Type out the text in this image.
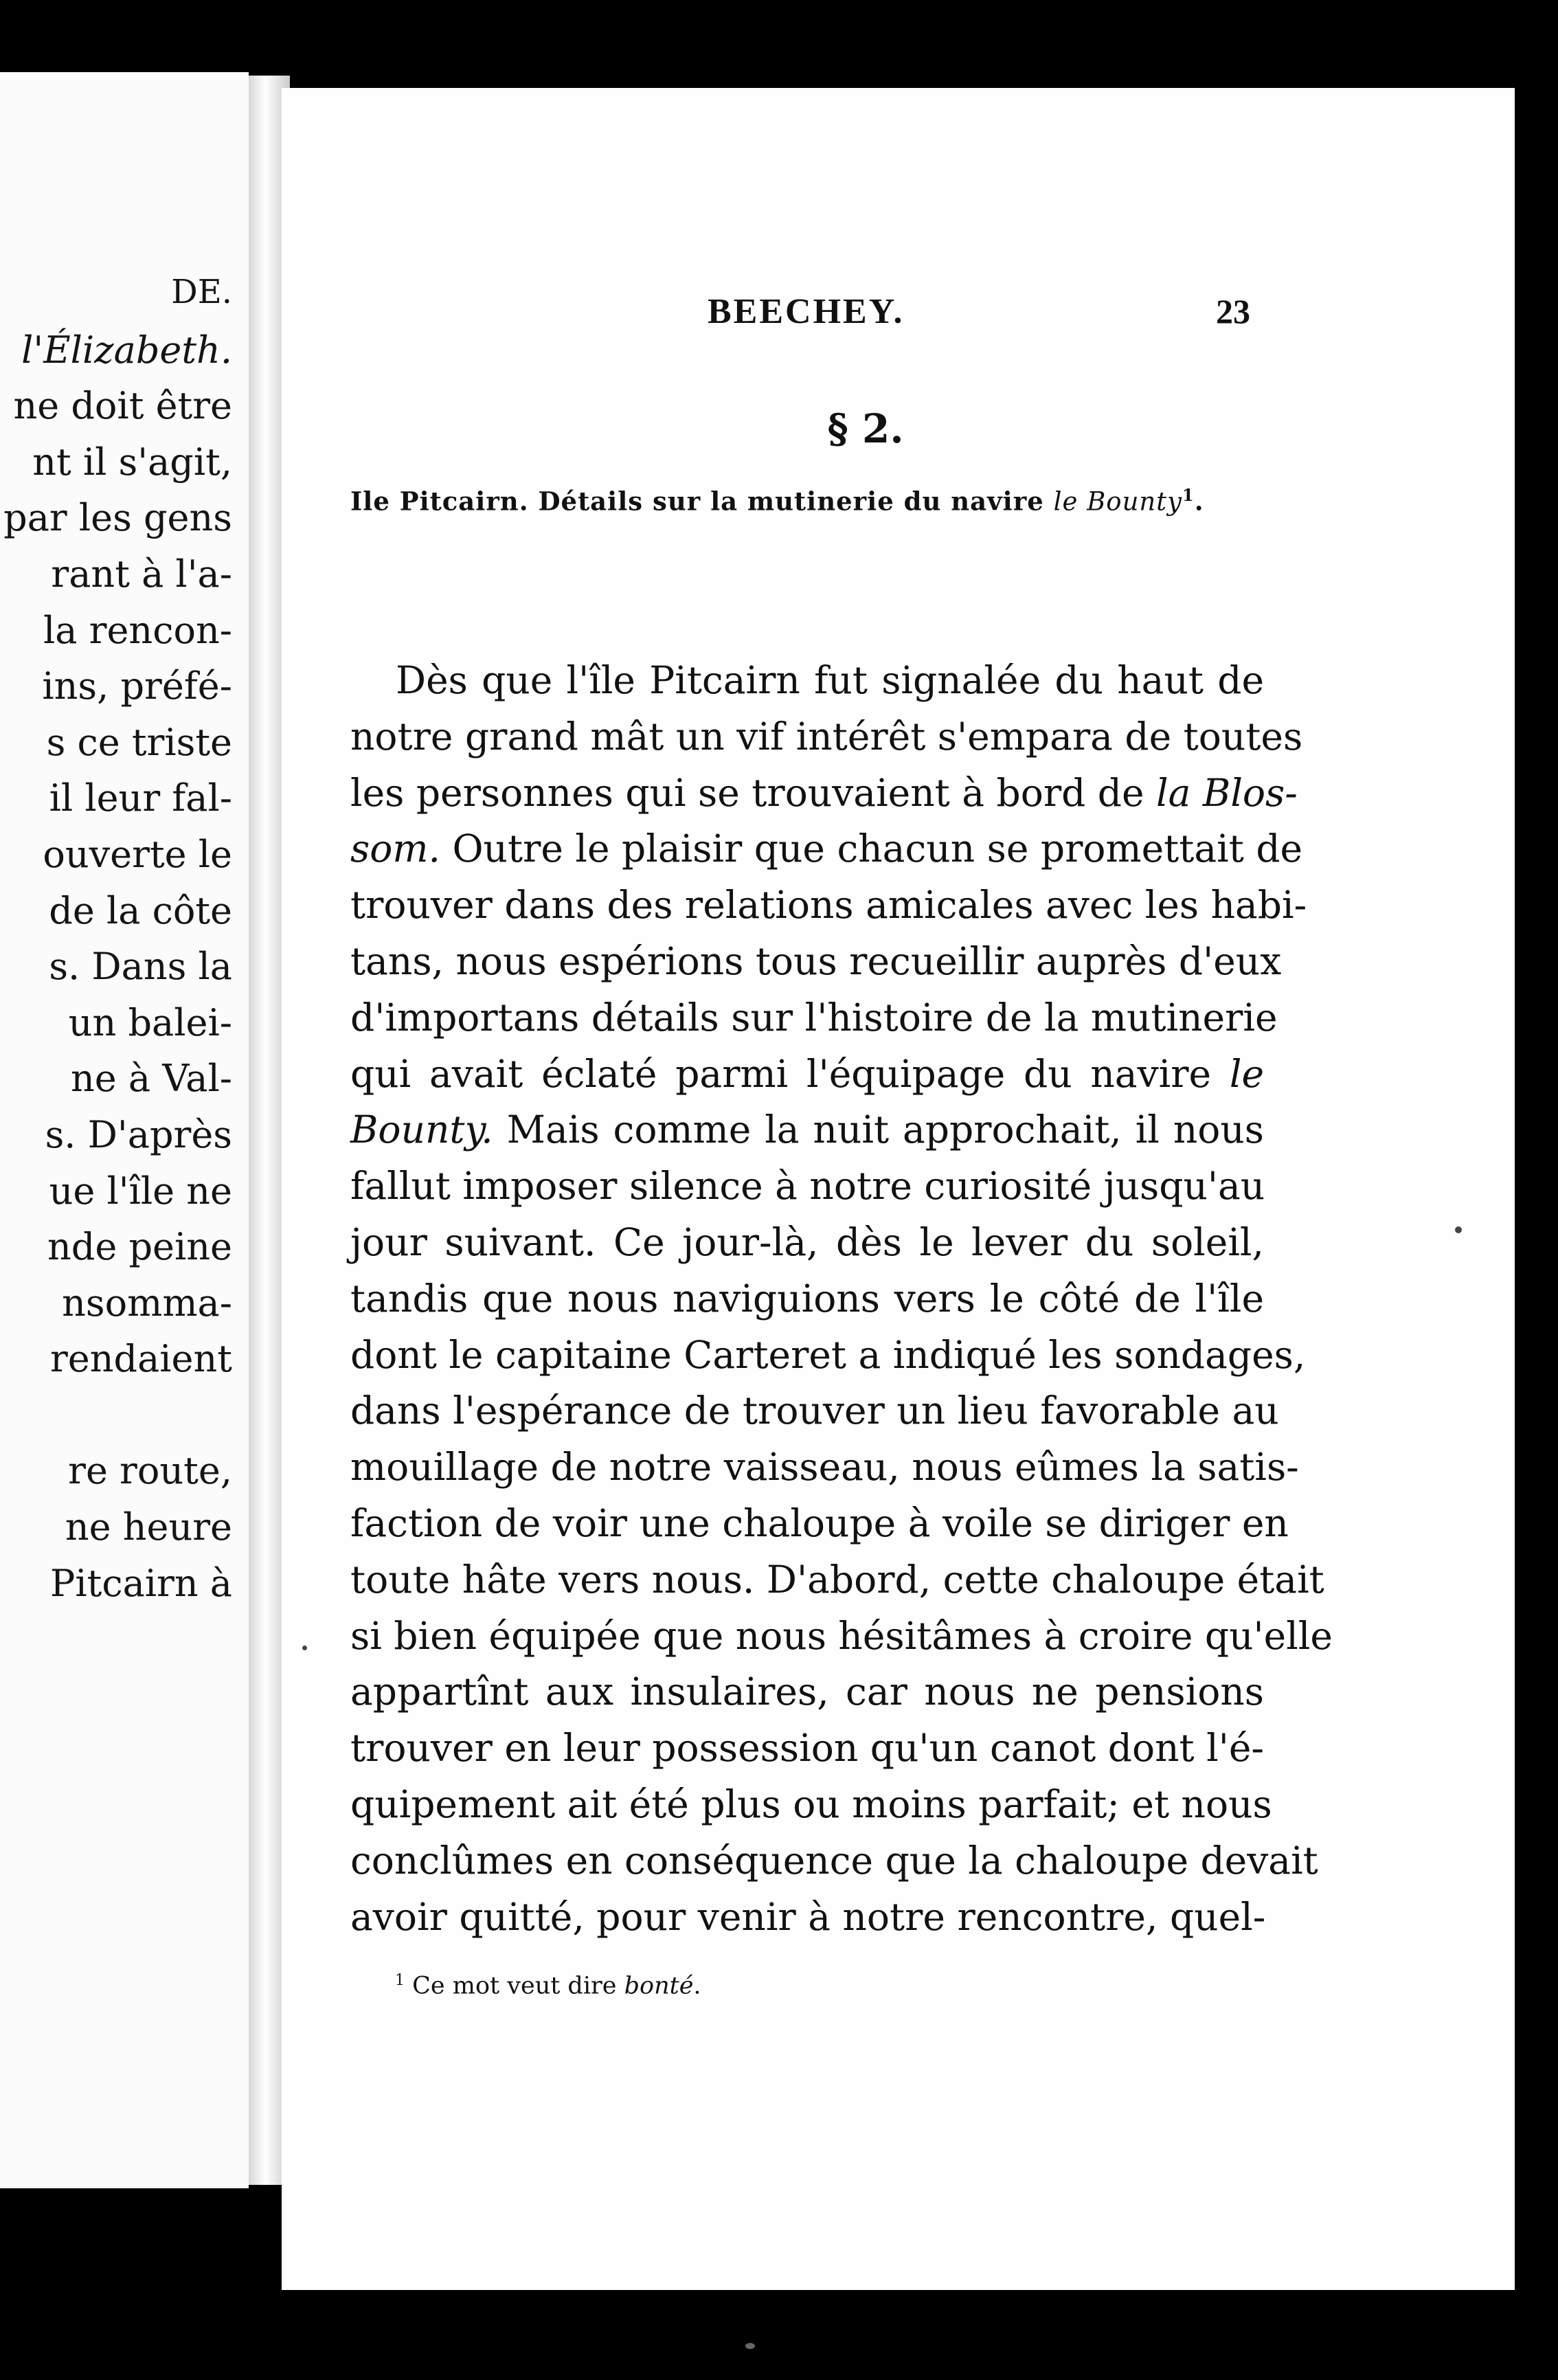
DE.
l'Élizabeth.
ne doit être
nt il s'agit,
par les gens
rant à l'a-
la rencon-
ins, préfé-
s ce triste
il leur fal-
ouverte le
de la côte
s. Dans la
un balei-
ne à Val-
s. D'après
ue l'île ne
nde peine
nsomma-
rendaient

re route,
ne heure
Pitcairn à
BEECHEY.	23
§ 2.
Ile Pitcairn. Détails sur la mutinerie du navire le Bounty$^1$.
Dès que l'île Pitcairn fut signalée du haut de
notre grand mât un vif intérêt s'empara de toutes
les personnes qui se trouvaient à bord de la Blos-
som. Outre le plaisir que chacun se promettait de
trouver dans des relations amicales avec les habi-
tans, nous espérions tous recueillir auprès d'eux
d'importans détails sur l'histoire de la mutinerie
qui avait éclaté parmi l'équipage du navire le
Bounty. Mais comme la nuit approchait, il nous
fallut imposer silence à notre curiosité jusqu'au
jour suivant. Ce jour-là, dès le lever du soleil,
tandis que nous naviguions vers le côté de l'île
dont le capitaine Carteret a indiqué les sondages,
dans l'espérance de trouver un lieu favorable au
mouillage de notre vaisseau, nous eûmes la satis-
faction de voir une chaloupe à voile se diriger en
toute hâte vers nous. D'abord, cette chaloupe était
si bien équipée que nous hésitâmes à croire qu'elle
appartînt aux insulaires, car nous ne pensions
trouver en leur possession qu'un canot dont l'é-
quipement ait été plus ou moins parfait; et nous
conclûmes en conséquence que la chaloupe devait
avoir quitté, pour venir à notre rencontre, quel-
$^1$ Ce mot veut dire bonté.
